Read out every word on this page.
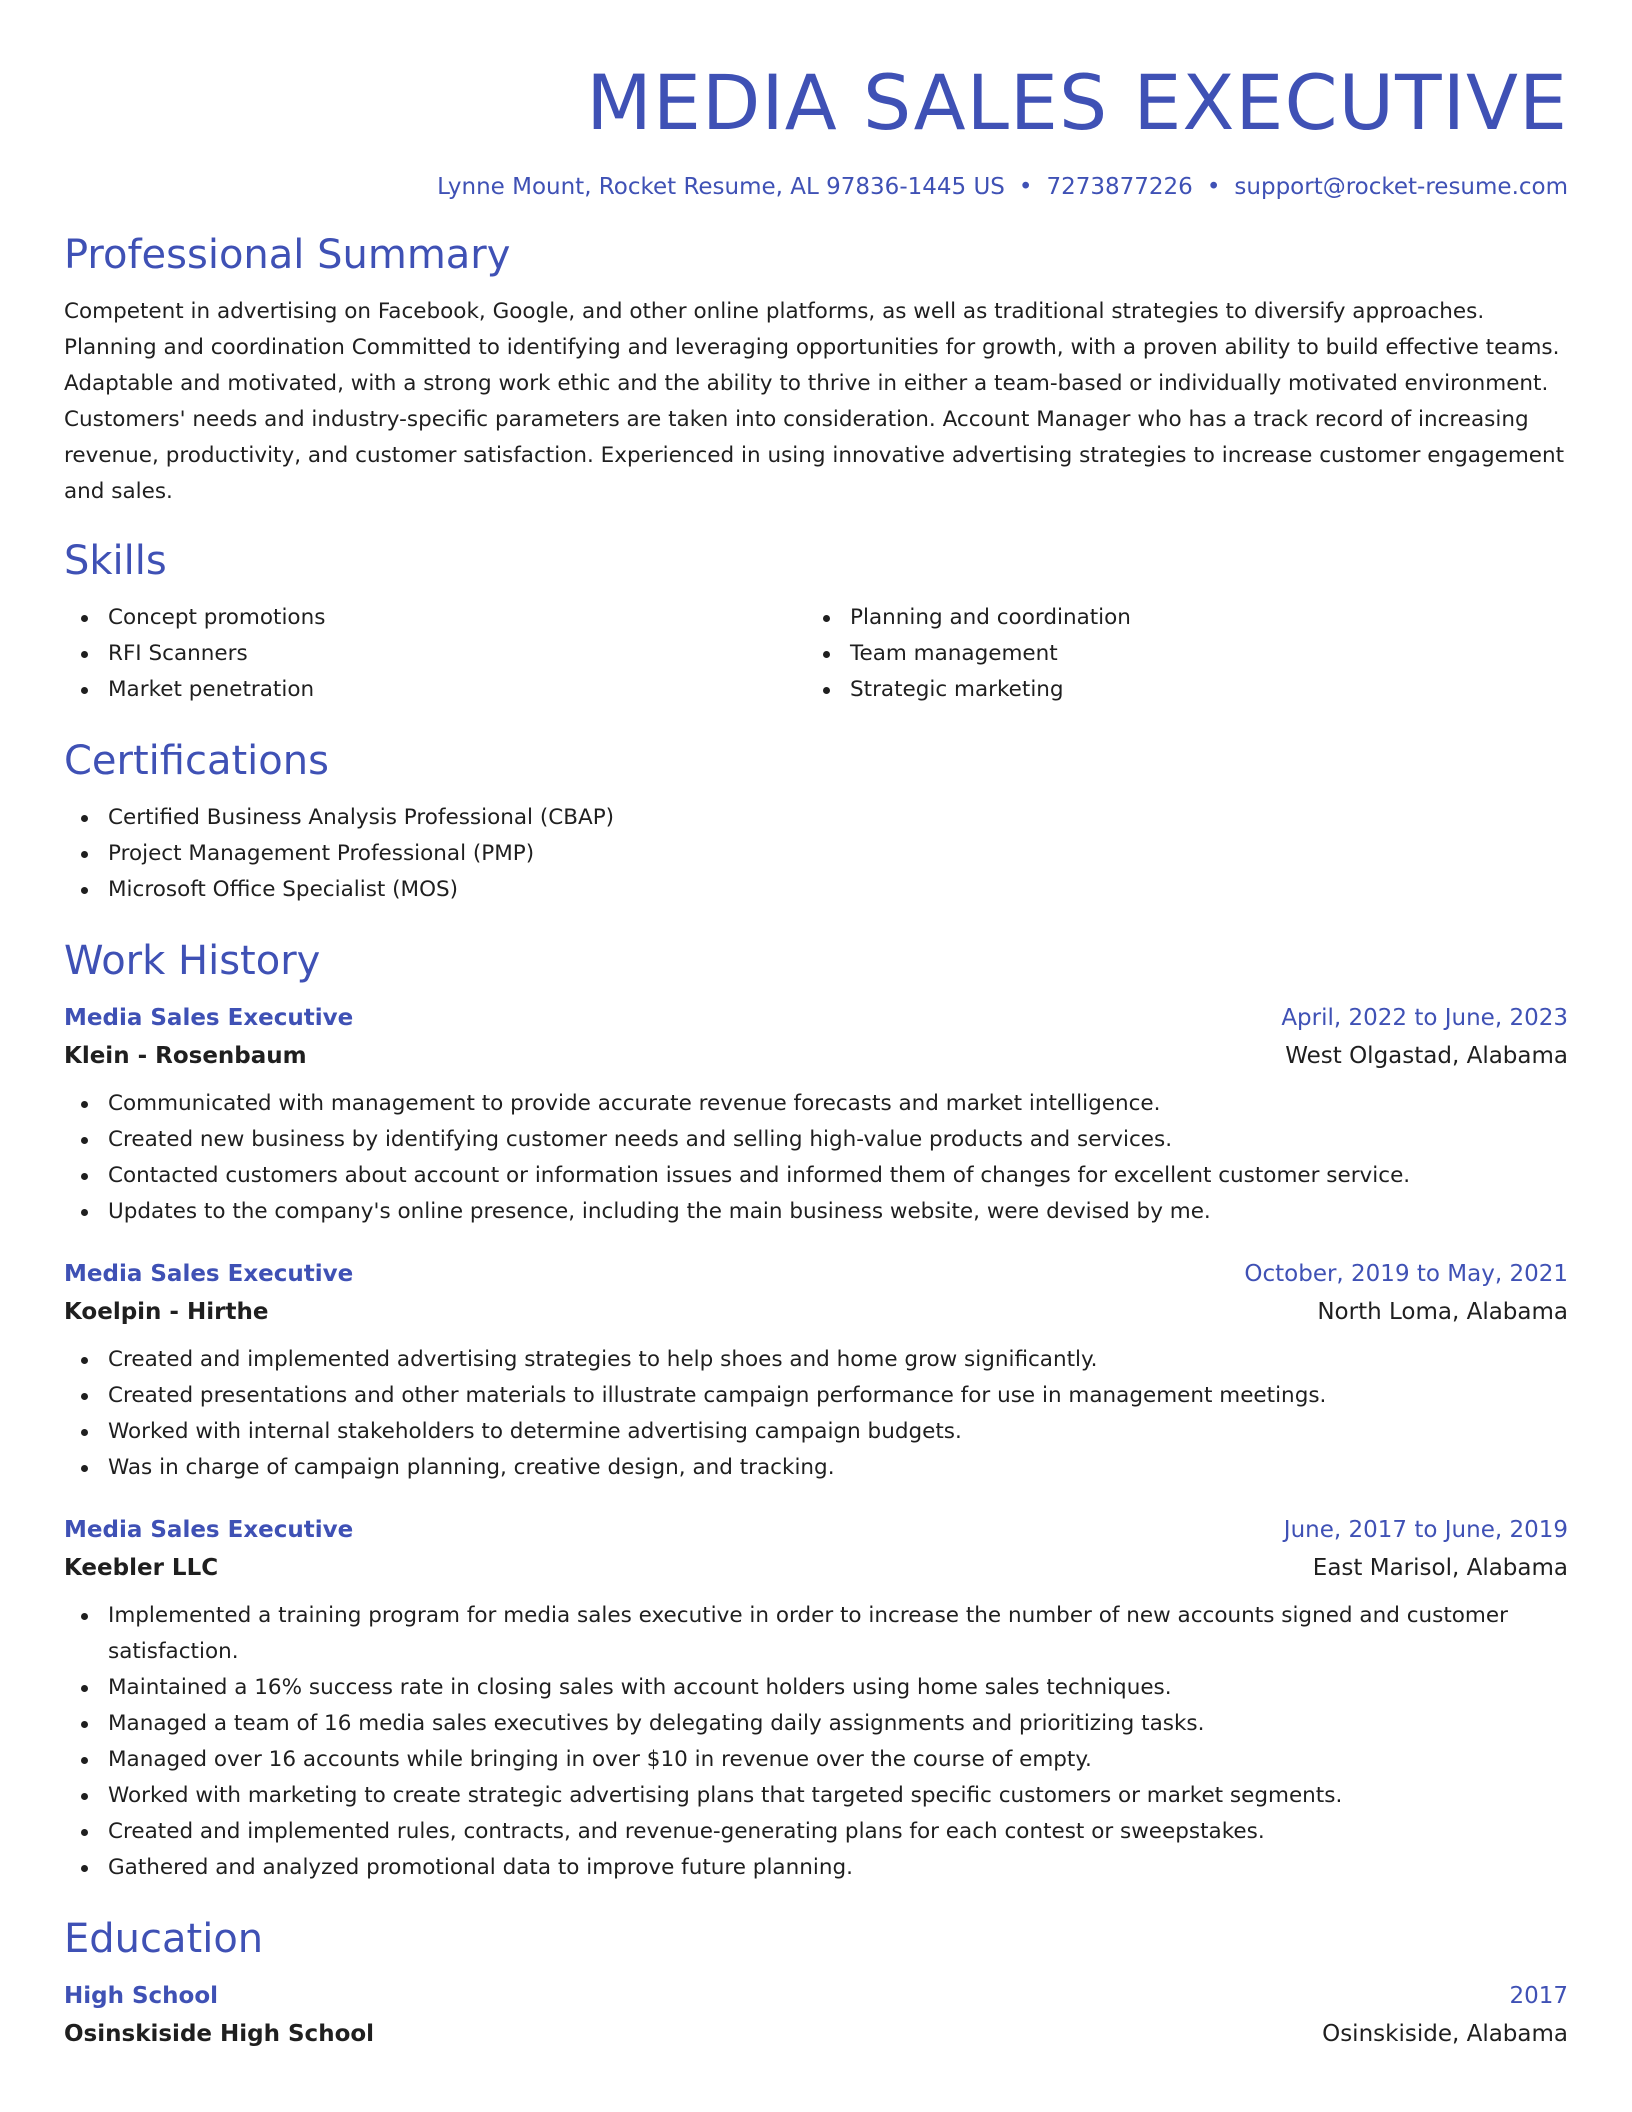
MEDIA SALES EXECUTIVE
Lynne Mount, Rocket Resume, AL 97836-1445 US • 7273877226 • support@rocket-resume.com
Professional Summary

Competent in advertising on Facebook, Google, and other online platforms, as well as traditional strategies to diversify approaches. Planning and coordination Committed to identifying and leveraging opportunities for growth, with a proven ability to build effective teams. Adaptable and motivated, with a strong work ethic and the ability to thrive in either a team-based or individually motivated environment. Customers' needs and industry-specific parameters are taken into consideration. Account Manager who has a track record of increasing revenue, productivity, and customer satisfaction. Experienced in using innovative advertising strategies to increase customer engagement and sales.

Skills
Concept promotions
RFI Scanners
Market penetration
Planning and coordination
Team management
Strategic marketing
Certifications
Certified Business Analysis Professional (CBAP)
Project Management Professional (PMP)
Microsoft Office Specialist (MOS)
Work History
Media Sales Executive	April, 2022 to June, 2023
Klein - Rosenbaum	West Olgastad, Alabama
Communicated with management to provide accurate revenue forecasts and market intelligence.
Created new business by identifying customer needs and selling high-value products and services.
Contacted customers about account or information issues and informed them of changes for excellent customer service.
Updates to the company's online presence, including the main business website, were devised by me.
Media Sales Executive	October, 2019 to May, 2021
Koelpin - Hirthe	North Loma, Alabama
Created and implemented advertising strategies to help shoes and home grow significantly.
Created presentations and other materials to illustrate campaign performance for use in management meetings.
Worked with internal stakeholders to determine advertising campaign budgets.
Was in charge of campaign planning, creative design, and tracking.
Media Sales Executive	June, 2017 to June, 2019
Keebler LLC	East Marisol, Alabama
Implemented a training program for media sales executive in order to increase the number of new accounts signed and customer satisfaction.
Maintained a 16% success rate in closing sales with account holders using home sales techniques.
Managed a team of 16 media sales executives by delegating daily assignments and prioritizing tasks.
Managed over 16 accounts while bringing in over $10 in revenue over the course of empty.
Worked with marketing to create strategic advertising plans that targeted specific customers or market segments.
Created and implemented rules, contracts, and revenue-generating plans for each contest or sweepstakes.
Gathered and analyzed promotional data to improve future planning.
Education
High School	2017
Osinskiside High School	Osinskiside, Alabama
